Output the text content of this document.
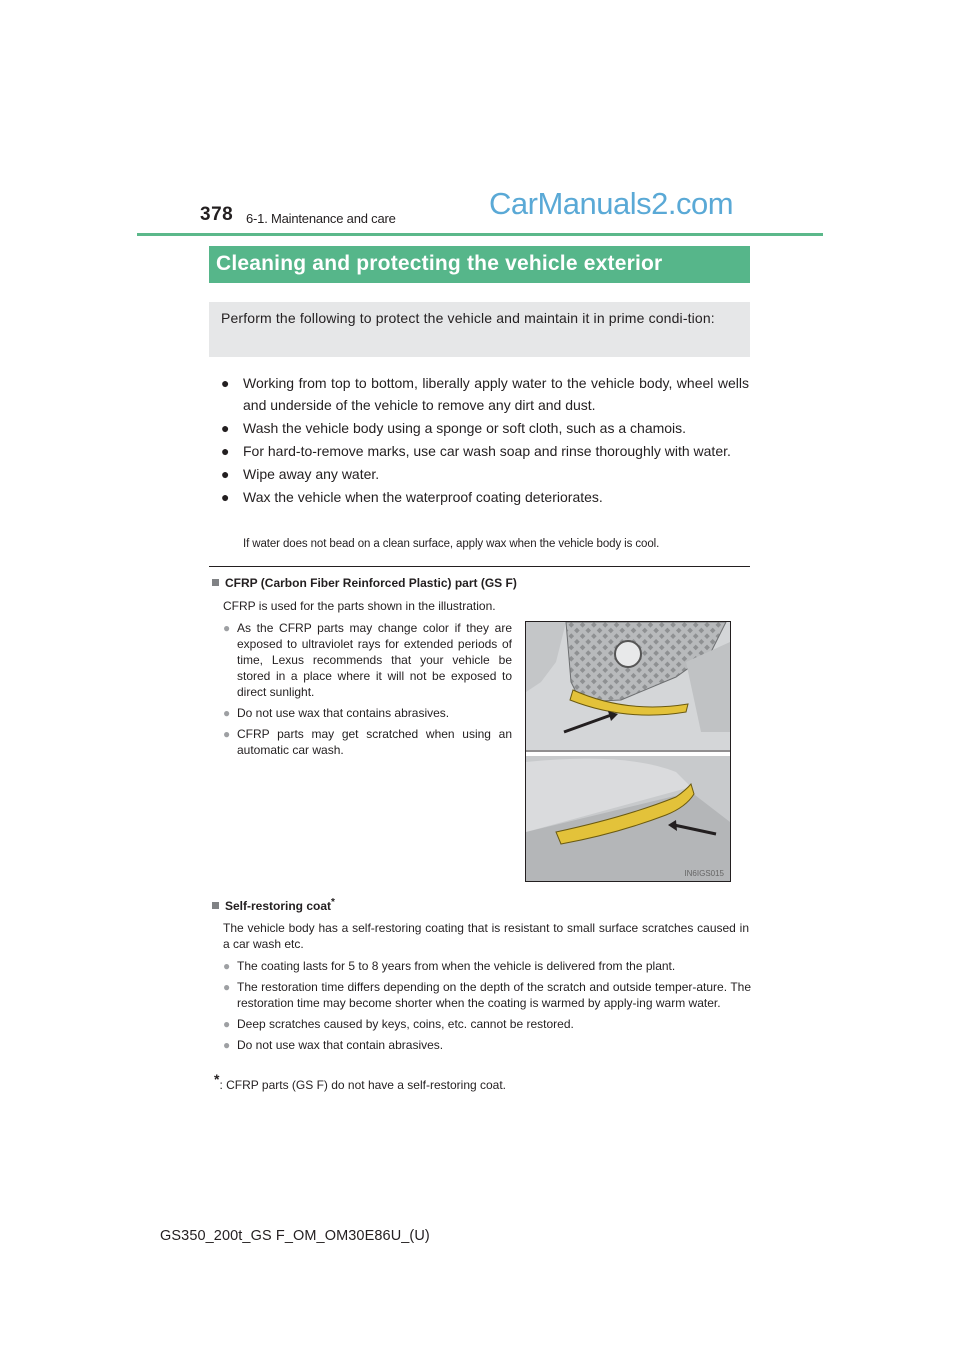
378 6-1. Maintenance and care	CarManuals2.com
Cleaning and protecting the vehicle exterior
Perform the following to protect the vehicle and maintain it in prime condi-tion:
● Working from top to bottom, liberally apply water to the vehicle body, wheel wells and underside of the vehicle to remove any dirt and dust.
● Wash the vehicle body using a sponge or soft cloth, such as a chamois.
● For hard-to-remove marks, use car wash soap and rinse thoroughly with water.
● Wipe away any water.
● Wax the vehicle when the waterproof coating deteriorates.
If water does not bead on a clean surface, apply wax when the vehicle body is cool.
CFRP (Carbon Fiber Reinforced Plastic) part (GS F)
CFRP is used for the parts shown in the illustration.
● As the CFRP parts may change color if they are exposed to ultraviolet rays for extended periods of time, Lexus recommends that your vehicle be stored in a place where it will not be exposed to direct sunlight.
● Do not use wax that contains abrasives.
● CFRP parts may get scratched when using an automatic car wash.
IN6IGS015
Self-restoring coat*
The vehicle body has a self-restoring coating that is resistant to small surface scratches caused in a car wash etc.
● The coating lasts for 5 to 8 years from when the vehicle is delivered from the plant.
● The restoration time differs depending on the depth of the scratch and outside temper-ature. The restoration time may become shorter when the coating is warmed by apply-ing warm water.
● Deep scratches caused by keys, coins, etc. cannot be restored.
● Do not use wax that contain abrasives.
*: CFRP parts (GS F) do not have a self-restoring coat.
GS350_200t_GS F_OM_OM30E86U_(U)
